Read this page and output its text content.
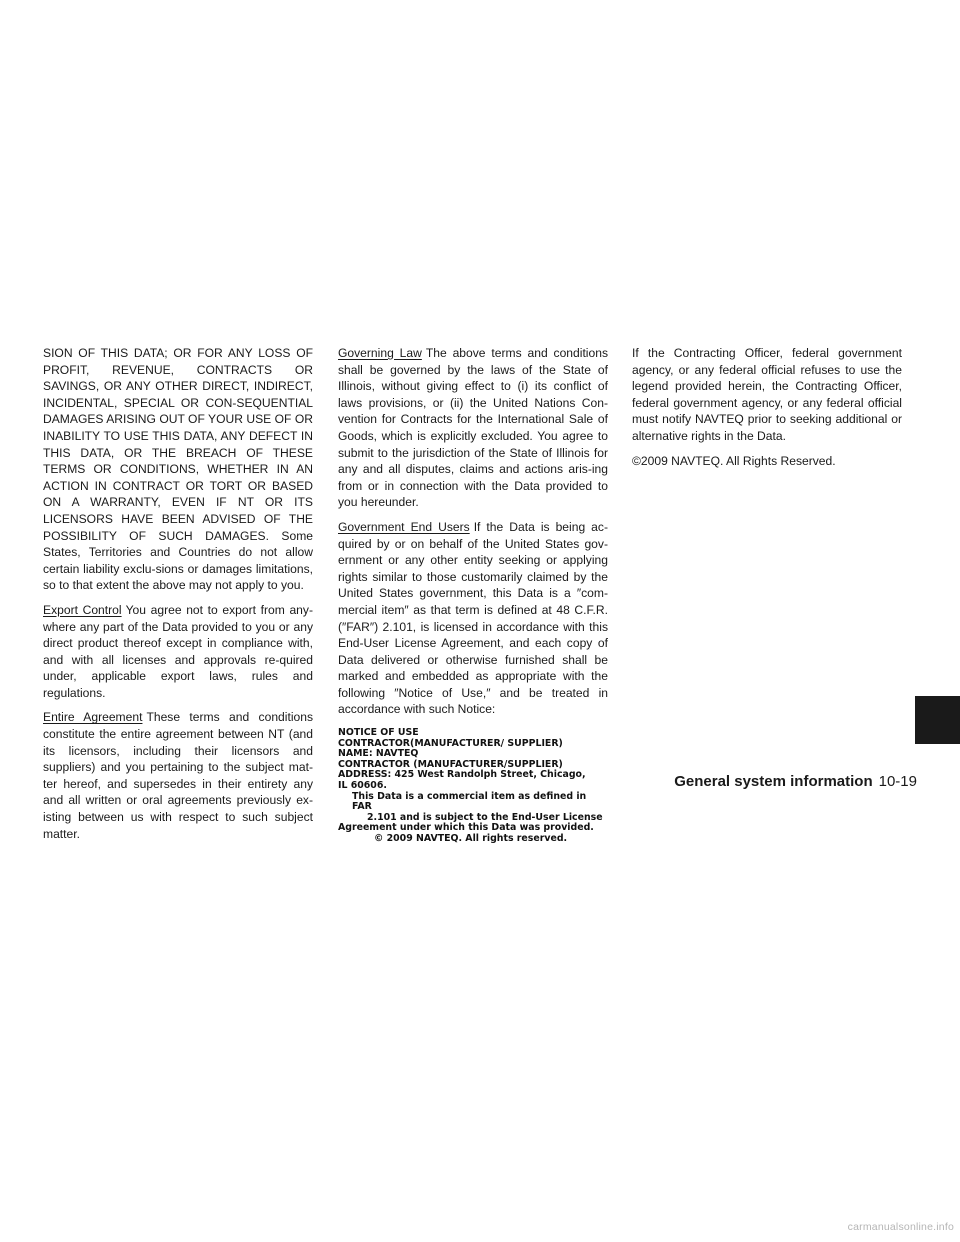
SION OF THIS DATA; OR FOR ANY LOSS OF PROFIT, REVENUE, CONTRACTS OR SAVINGS, OR ANY OTHER DIRECT, INDIRECT, INCIDENTAL, SPECIAL OR CON-SEQUENTIAL DAMAGES ARISING OUT OF YOUR USE OF OR INABILITY TO USE THIS DATA, ANY DEFECT IN THIS DATA, OR THE BREACH OF THESE TERMS OR CONDITIONS, WHETHER IN AN ACTION IN CONTRACT OR TORT OR BASED ON A WARRANTY, EVEN IF NT OR ITS LICENSORS HAVE BEEN ADVISED OF THE POSSIBILITY OF SUCH DAMAGES. Some States, Territories and Countries do not allow certain liability exclu-sions or damages limitations, so to that extent the above may not apply to you.

Export Control You agree not to export from any-where any part of the Data provided to you or any direct product thereof except in compliance with, and with all licenses and approvals re-quired under, applicable export laws, rules and regulations.

Entire Agreement These terms and conditions constitute the entire agreement between NT (and its licensors, including their licensors and suppliers) and you pertaining to the subject mat-ter hereof, and supersedes in their entirety any and all written or oral agreements previously ex-isting between us with respect to such subject matter.

Governing Law The above terms and conditions shall be governed by the laws of the State of Illinois, without giving effect to (i) its conflict of laws provisions, or (ii) the United Nations Con-vention for Contracts for the International Sale of Goods, which is explicitly excluded. You agree to submit to the jurisdiction of the State of Illinois for any and all disputes, claims and actions aris-ing from or in connection with the Data provided to you hereunder.

Government End Users If the Data is being ac-quired by or on behalf of the United States gov-ernment or any other entity seeking or applying rights similar to those customarily claimed by the United States government, this Data is a ″com-mercial item″ as that term is defined at 48 C.F.R. (″FAR″) 2.101, is licensed in accordance with this End-User License Agreement, and each copy of Data delivered or otherwise furnished shall be marked and embedded as appropriate with the following ″Notice of Use,″ and be treated in accordance with such Notice:

NOTICE OF USE
CONTRACTOR(MANUFACTURER/ SUPPLIER)
NAME: NAVTEQ
CONTRACTOR (MANUFACTURER/SUPPLIER)
ADDRESS: 425 West Randolph Street, Chicago,
IL 60606.
This Data is a commercial item as defined in FAR
2.101 and is subject to the End-User License
Agreement under which this Data was provided.
© 2009 NAVTEQ. All rights reserved.

If the Contracting Officer, federal government agency, or any federal official refuses to use the legend provided herein, the Contracting Officer, federal government agency, or any federal official must notify NAVTEQ prior to seeking additional or alternative rights in the Data.

©2009 NAVTEQ. All Rights Reserved.

General system information 10-19
carmanualsonline.info
